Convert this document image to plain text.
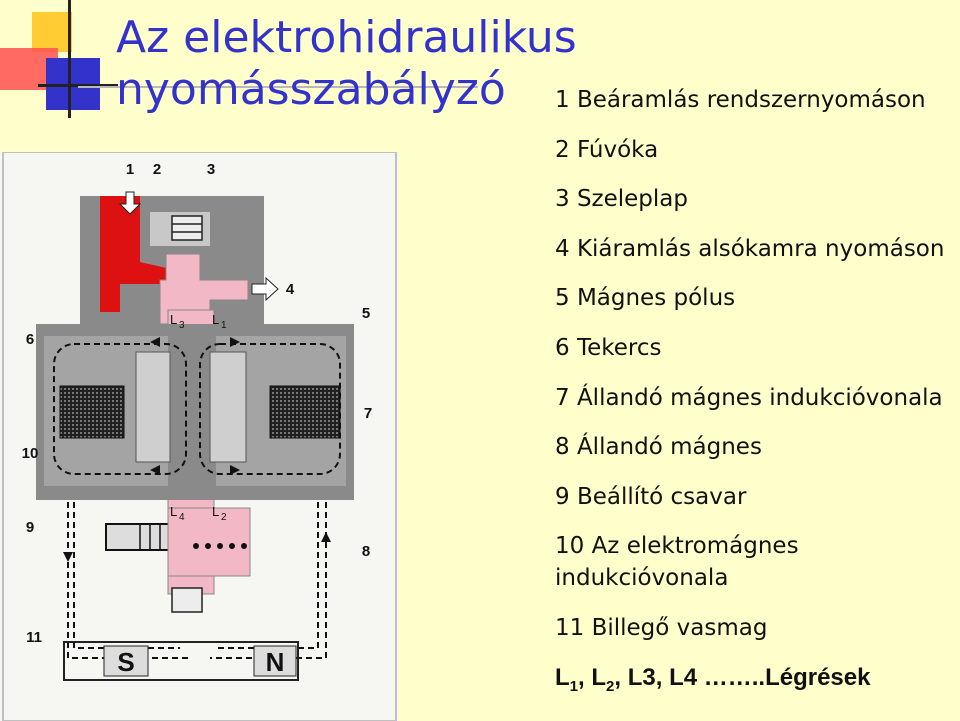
Az elektrohidraulikus
nyomásszabályzó
1 2	3
4
5
6
7
8
9
10
11
L 3 L 1
L 4 L 2
S	N
1 Beáramlás rendszernyomáson
2 Fúvóka
3 Szeleplap
4 Kiáramlás alsókamra nyomáson
5 Mágnes pólus
6 Tekercs
7 Állandó mágnes indukcióvonala
8 Állandó mágnes
9 Beállító csavar
10 Az elektromágnes
indukcióvonala
11 Billegő vasmag
$L_1$, $L_2$, L3, L4 ……..Légrések
